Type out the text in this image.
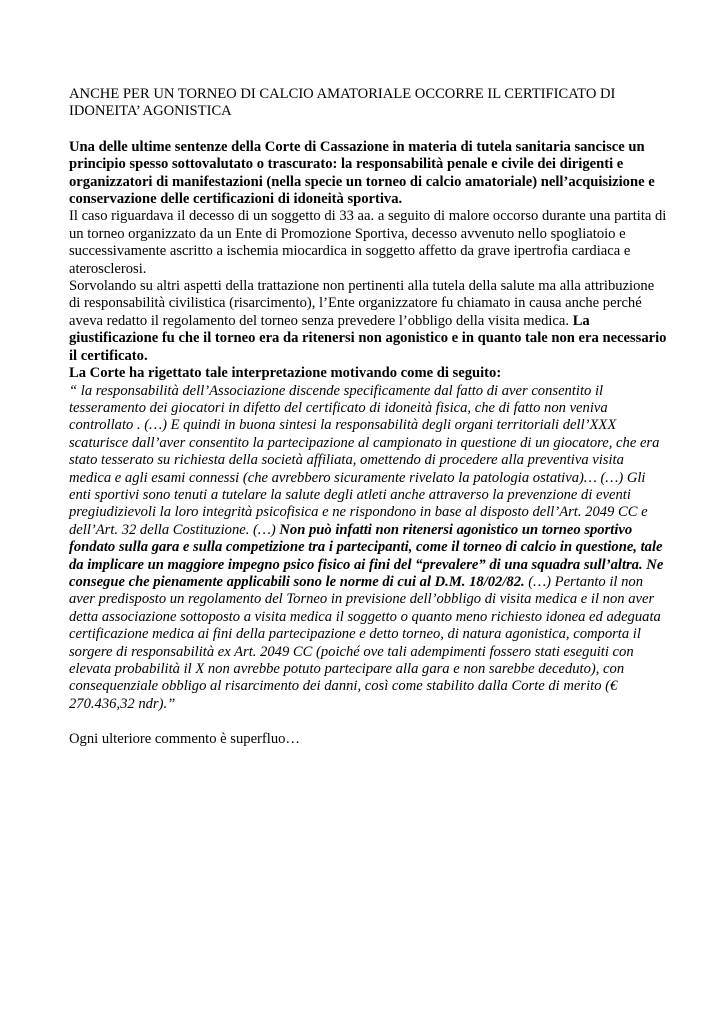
ANCHE PER UN TORNEO DI CALCIO AMATORIALE OCCORRE IL CERTIFICATO DI IDONEITA’ AGONISTICA

Una delle ultime sentenze della Corte di Cassazione in materia di tutela sanitaria sancisce un principio spesso sottovalutato o trascurato: la responsabilità penale e civile dei dirigenti e organizzatori di manifestazioni (nella specie un torneo di calcio amatoriale) nell’acquisizione e conservazione delle certificazioni di idoneità sportiva.

Il caso riguardava il decesso di un soggetto di 33 aa. a seguito di malore occorso durante una partita di un torneo organizzato da un Ente di Promozione Sportiva, decesso avvenuto nello spogliatoio e successivamente ascritto a ischemia miocardica in soggetto affetto da grave ipertrofia cardiaca e aterosclerosi.

Sorvolando su altri aspetti della trattazione non pertinenti alla tutela della salute ma alla attribuzione di responsabilità civilistica (risarcimento), l’Ente organizzatore fu chiamato in causa anche perché aveva redatto il regolamento del torneo senza prevedere l’obbligo della visita medica. La giustificazione fu che il torneo era da ritenersi non agonistico e in quanto tale non era necessario il certificato.

La Corte ha rigettato tale interpretazione motivando come di seguito:

“ la responsabilità dell’Associazione discende specificamente dal fatto di aver consentito il tesseramento dei giocatori in difetto del certificato di idoneità fisica, che di fatto non veniva controllato . (…) E quindi in buona sintesi la responsabilità degli organi territoriali dell’XXX scaturisce dall’aver consentito la partecipazione al campionato in questione di un giocatore, che era stato tesserato su richiesta della società affiliata, omettendo di procedere alla preventiva visita medica e agli esami connessi (che avrebbero sicuramente rivelato la patologia ostativa)… (…) Gli enti sportivi sono tenuti a tutelare la salute degli atleti anche attraverso la prevenzione di eventi pregiudizievoli la loro integrità psicofisica e ne rispondono in base al disposto dell’Art. 2049 CC e dell’Art. 32 della Costituzione. (…) Non può infatti non ritenersi agonistico un torneo sportivo fondato sulla gara e sulla competizione tra i partecipanti, come il torneo di calcio in questione, tale da implicare un maggiore impegno psico fisico ai fini del “prevalere” di una squadra sull’altra. Ne consegue che pienamente applicabili sono le norme di cui al D.M. 18/02/82. (…) Pertanto il non aver predisposto un regolamento del Torneo in previsione dell’obbligo di visita medica e il non aver detta associazione sottoposto a visita medica il soggetto o quanto meno richiesto idonea ed adeguata certificazione medica ai fini della partecipazione e detto torneo, di natura agonistica, comporta il sorgere di responsabilità ex Art. 2049 CC (poiché ove tali adempimenti fossero stati eseguiti con elevata probabilità il X non avrebbe potuto partecipare alla gara e non sarebbe deceduto), con consequenziale obbligo al risarcimento dei danni, così come stabilito dalla Corte di merito (€ 270.436,32 ndr).”

Ogni ulteriore commento è superfluo…
